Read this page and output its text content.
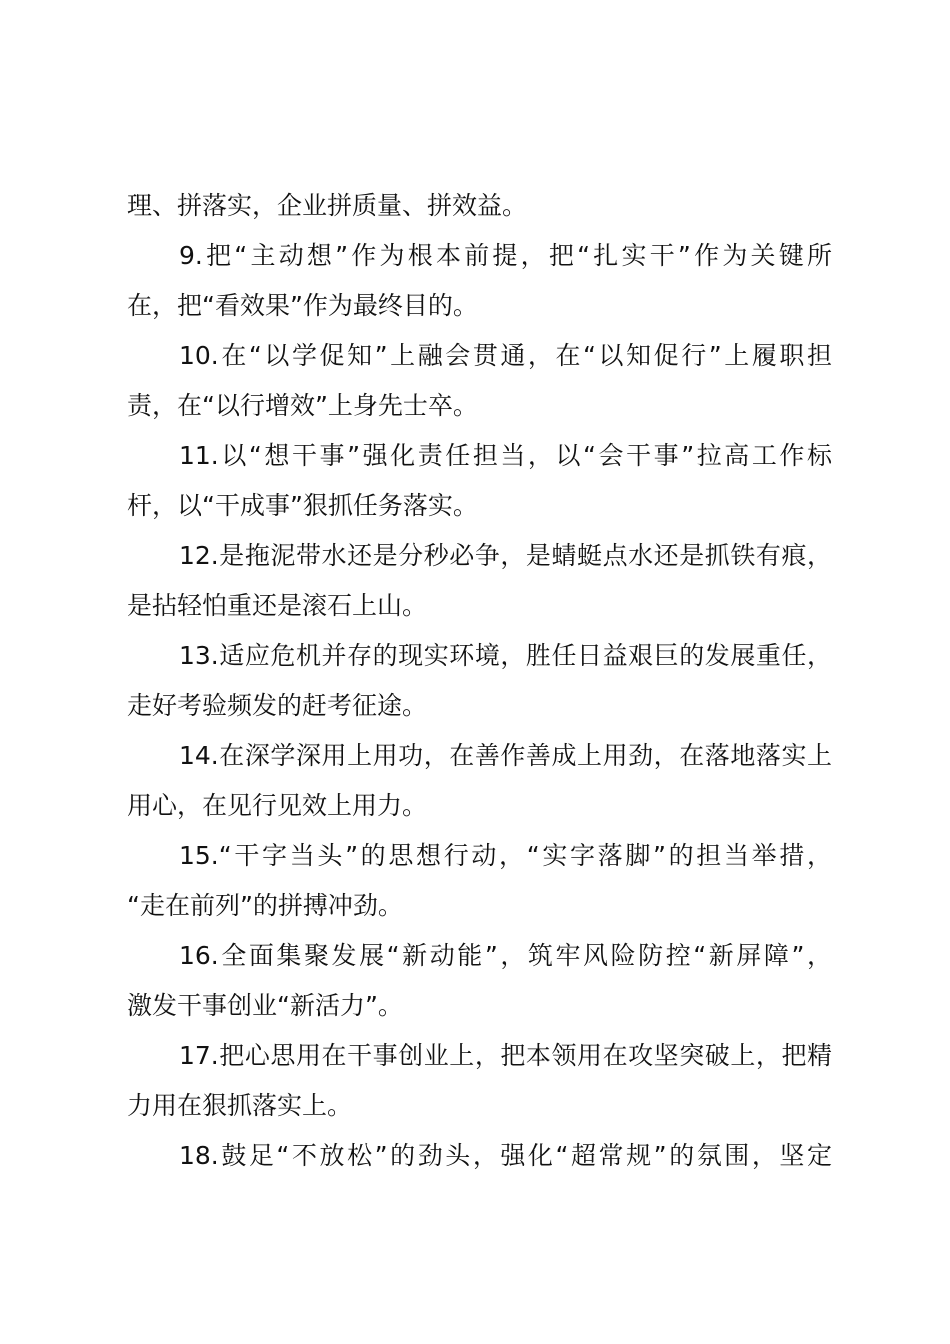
理、拼落实，企业拼质量、拼效益。
9.把“主动想”作为根本前提，把“扎实干”作为关键所
在，把“看效果”作为最终目的。
10.在“以学促知”上融会贯通，在“以知促行”上履职担
责，在“以行增效”上身先士卒。
11.以“想干事”强化责任担当，以“会干事”拉高工作标
杆，以“干成事”狠抓任务落实。
12.是拖泥带水还是分秒必争，是蜻蜓点水还是抓铁有痕，
是拈轻怕重还是滚石上山。
13.适应危机并存的现实环境，胜任日益艰巨的发展重任，
走好考验频发的赶考征途。
14.在深学深用上用功，在善作善成上用劲，在落地落实上
用心，在见行见效上用力。
15.“干字当头”的思想行动，“实字落脚”的担当举措，
“走在前列”的拼搏冲劲。
16.全面集聚发展“新动能”，筑牢风险防控“新屏障”，
激发干事创业“新活力”。
17.把心思用在干事创业上，把本领用在攻坚突破上，把精
力用在狠抓落实上。
18.鼓足“不放松”的劲头，强化“超常规”的氛围，坚定
